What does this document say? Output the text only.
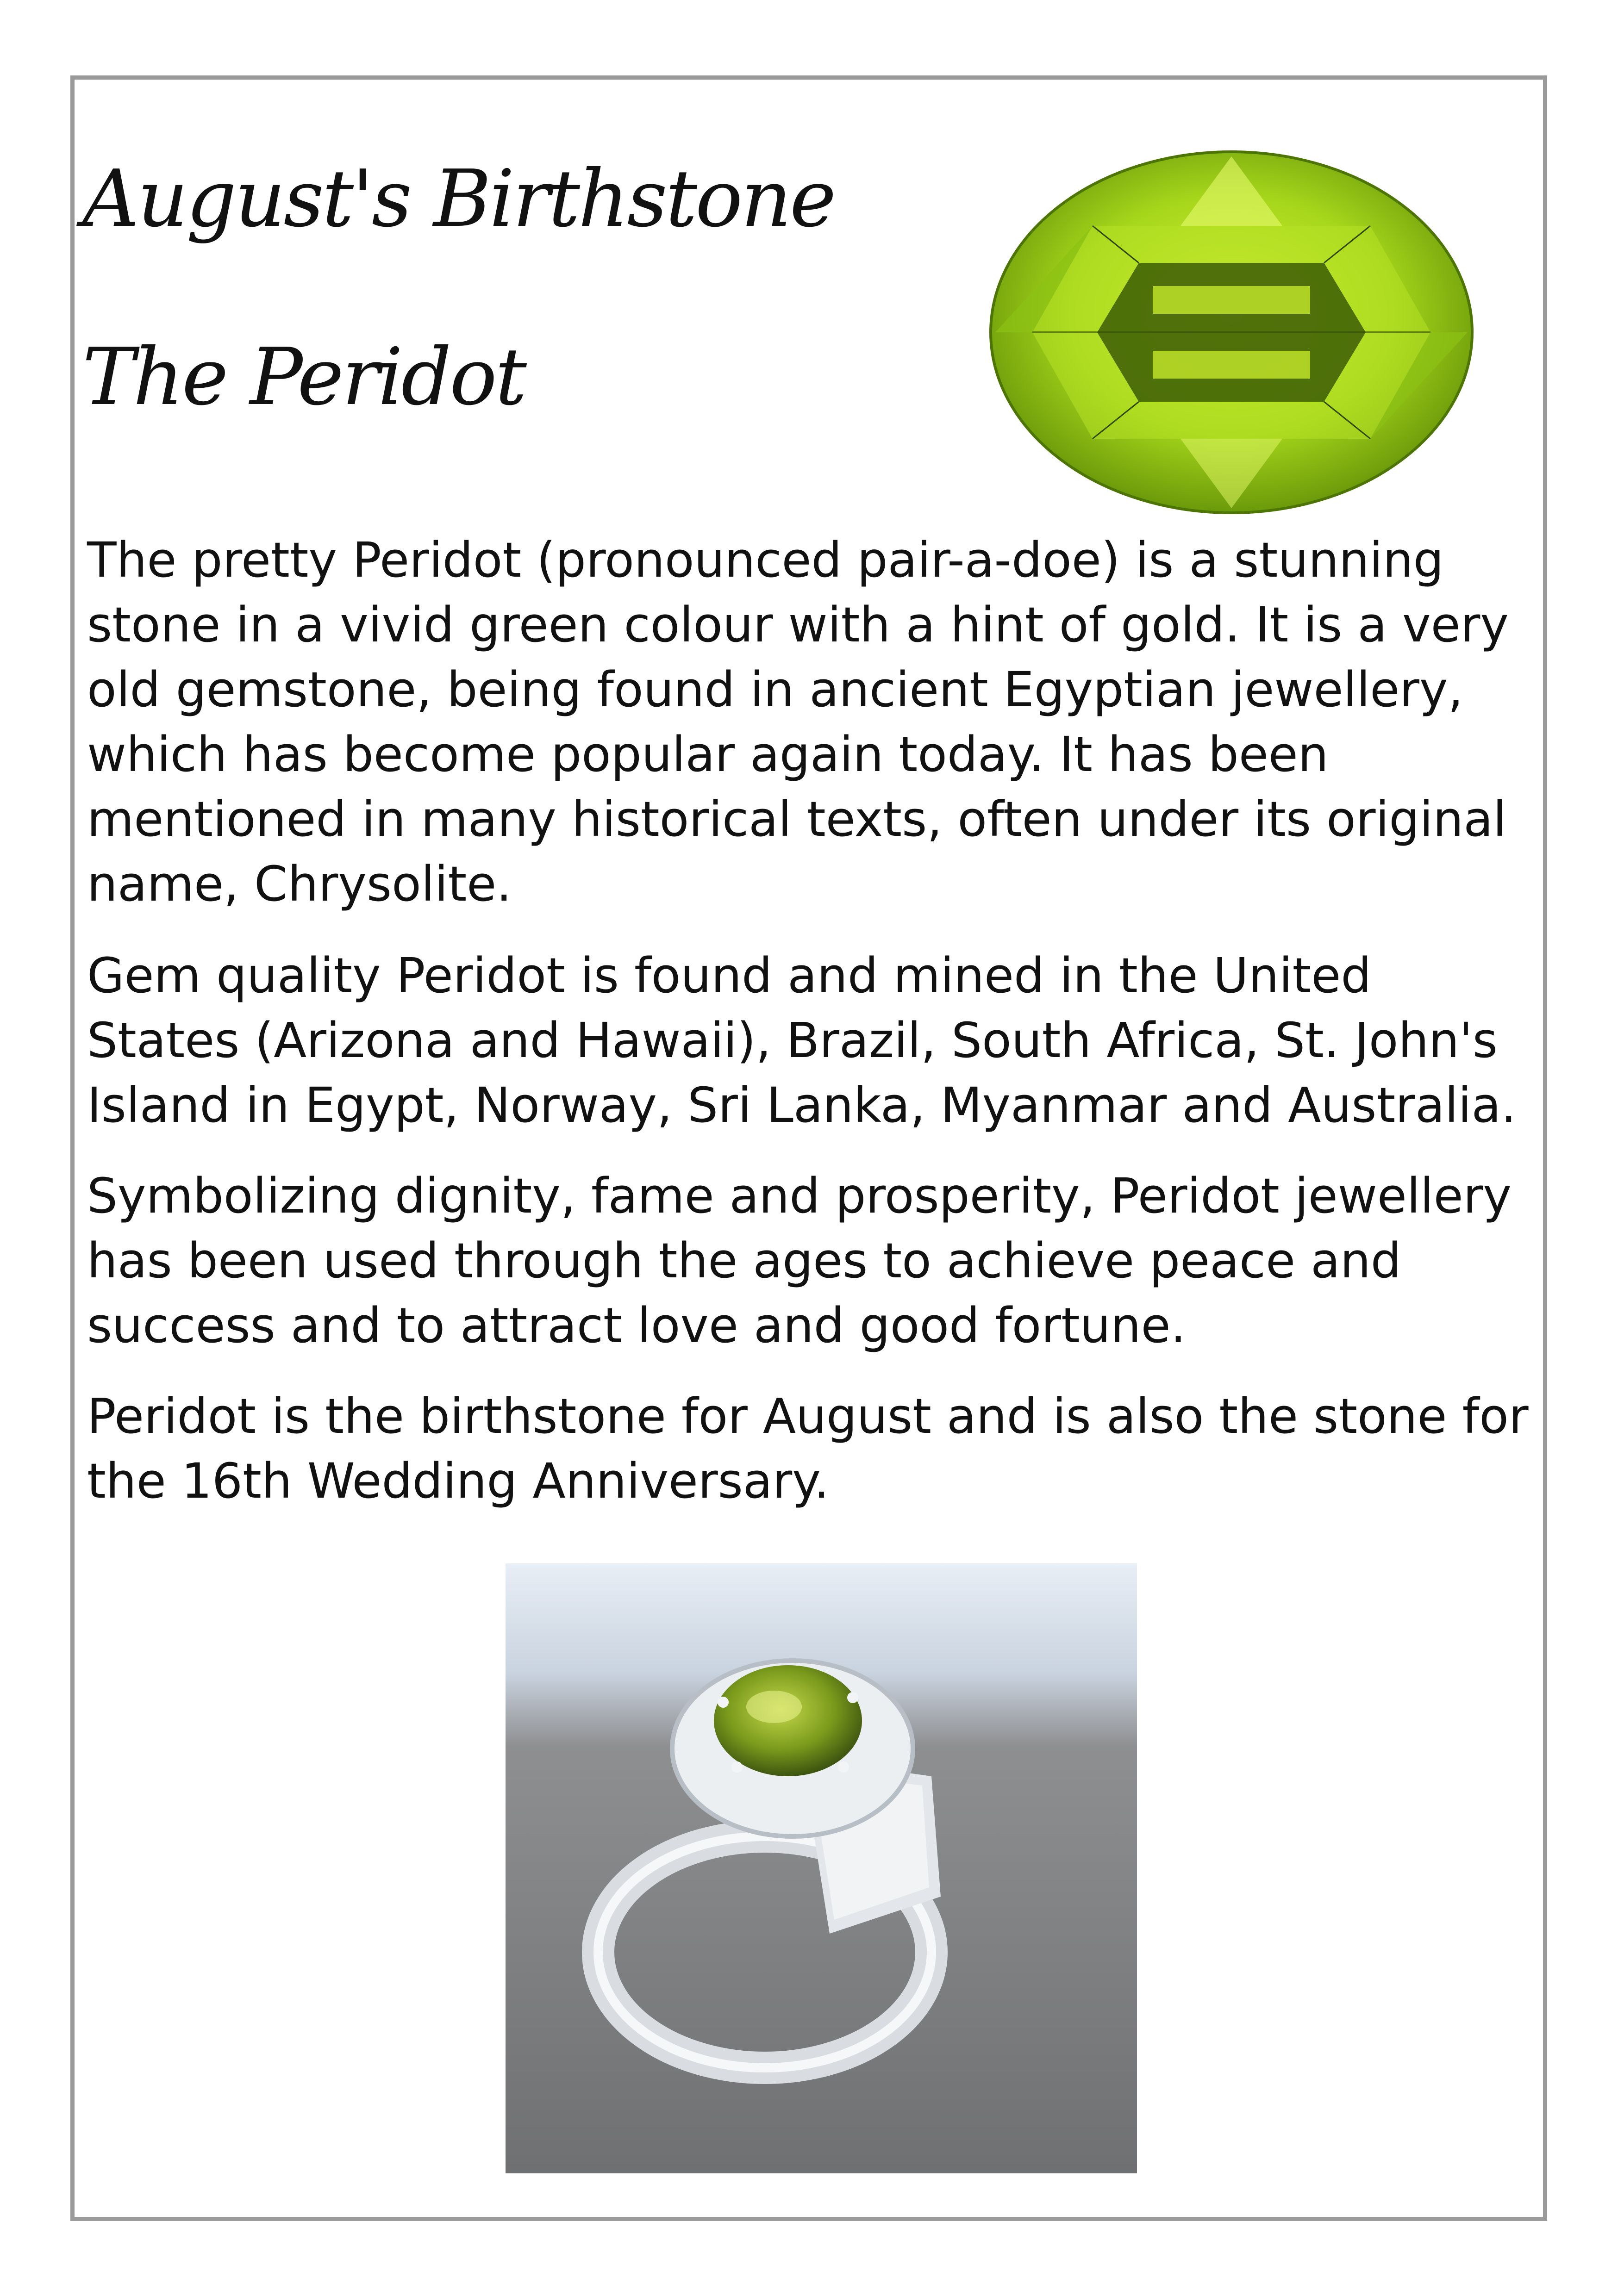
August's Birthstone
The Peridot

The pretty Peridot (pronounced pair-a-doe) is a stunning stone in a vivid green colour with a hint of gold. It is a very old gemstone, being found in ancient Egyptian jewellery, which has become popular again today. It has been mentioned in many historical texts, often under its original name, Chrysolite.

Gem quality Peridot is found and mined in the United States (Arizona and Hawaii), Brazil, South Africa, St. John's Island in Egypt, Norway, Sri Lanka, Myanmar and Australia.

Symbolizing dignity, fame and prosperity, Peridot jewellery has been used through the ages to achieve peace and success and to attract love and good fortune.

Peridot is the birthstone for August and is also the stone for the 16th Wedding Anniversary.
